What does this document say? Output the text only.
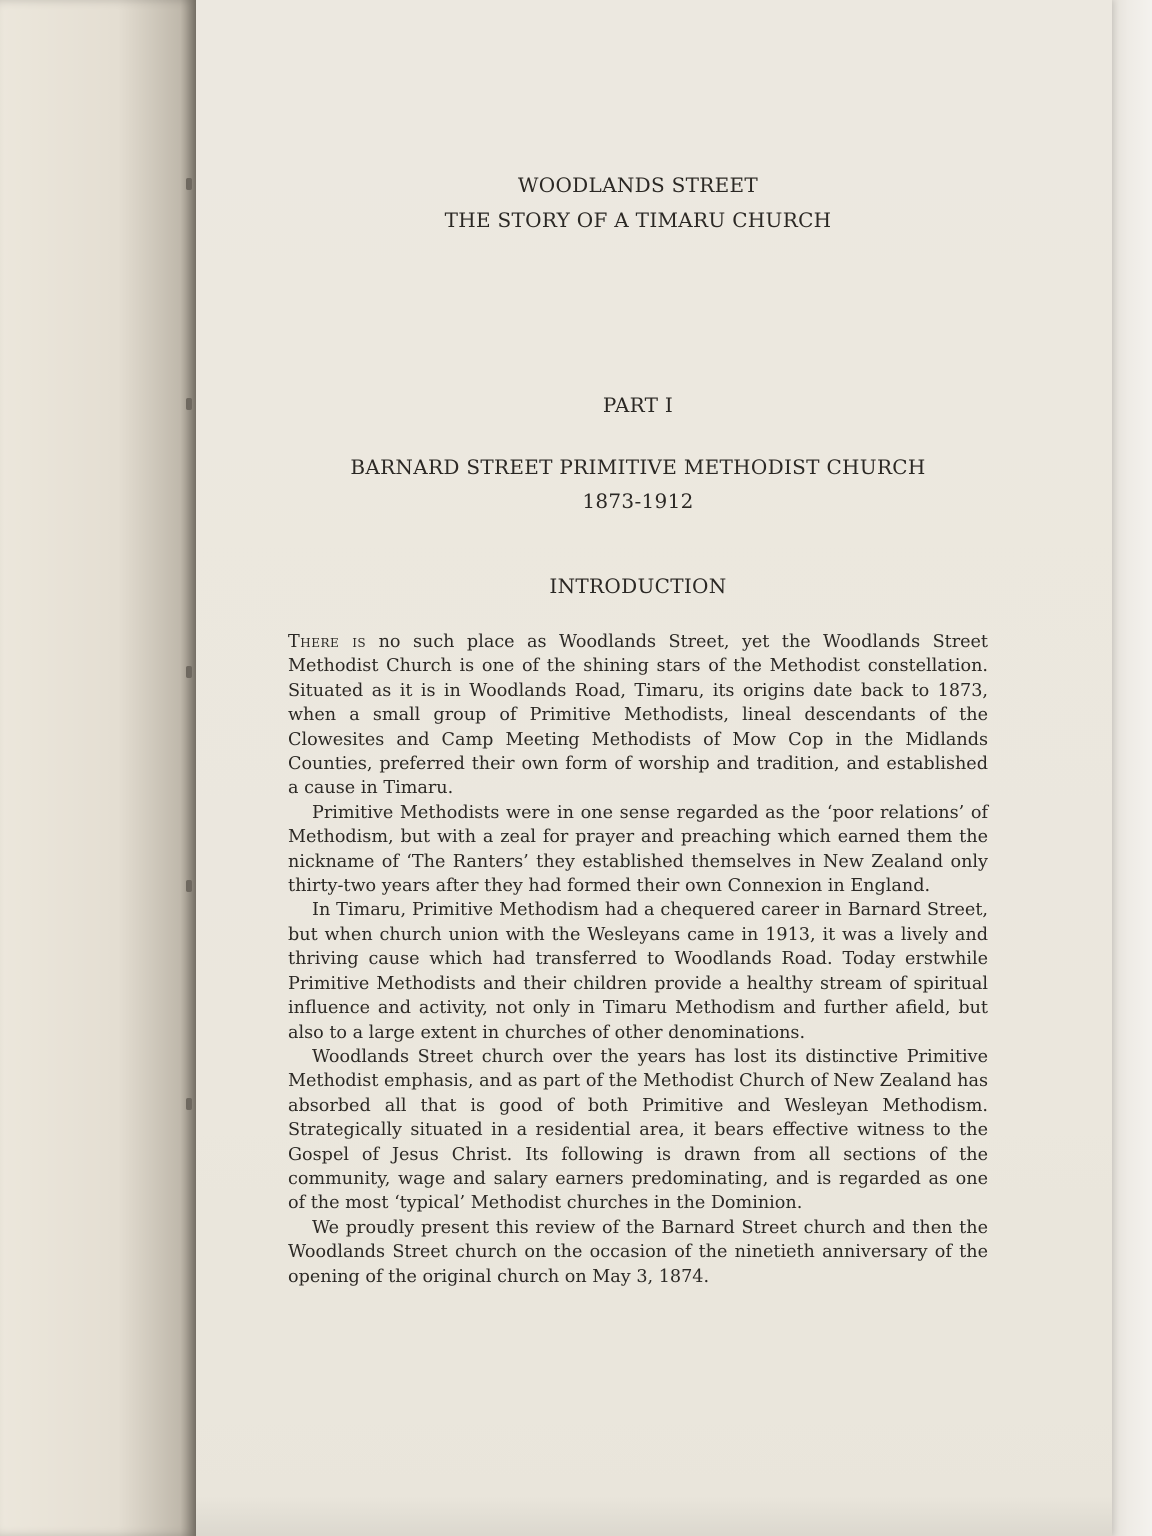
WOODLANDS STREET
THE STORY OF A TIMARU CHURCH
PART I
BARNARD STREET PRIMITIVE METHODIST CHURCH
1873-1912
INTRODUCTION

There is no such place as Woodlands Street, yet the Woodlands Street Methodist Church is one of the shining stars of the Methodist constellation. Situated as it is in Woodlands Road, Timaru, its origins date back to 1873, when a small group of Primitive Methodists, lineal descendants of the Clowesites and Camp Meeting Methodists of Mow Cop in the Midlands Counties, preferred their own form of worship and tradition, and established a cause in Timaru.

Primitive Methodists were in one sense regarded as the ‘poor relations’ of Methodism, but with a zeal for prayer and preaching which earned them the nickname of ‘The Ranters’ they established themselves in New Zealand only thirty-two years after they had formed their own Connexion in England.

In Timaru, Primitive Methodism had a chequered career in Barnard Street, but when church union with the Wesleyans came in 1913, it was a lively and thriving cause which had transferred to Woodlands Road. Today erstwhile Primitive Methodists and their children provide a healthy stream of spiritual influence and activity, not only in Timaru Methodism and further afield, but also to a large extent in churches of other denominations.

Woodlands Street church over the years has lost its distinctive Primitive Methodist emphasis, and as part of the Methodist Church of New Zealand has absorbed all that is good of both Primitive and Wesleyan Methodism. Strategically situated in a residential area, it bears effective witness to the Gospel of Jesus Christ. Its following is drawn from all sections of the community, wage and salary earners predominating, and is regarded as one of the most ‘typical’ Methodist churches in the Dominion.

We proudly present this review of the Barnard Street church and then the Woodlands Street church on the occasion of the ninetieth anniversary of the opening of the original church on May 3, 1874.
